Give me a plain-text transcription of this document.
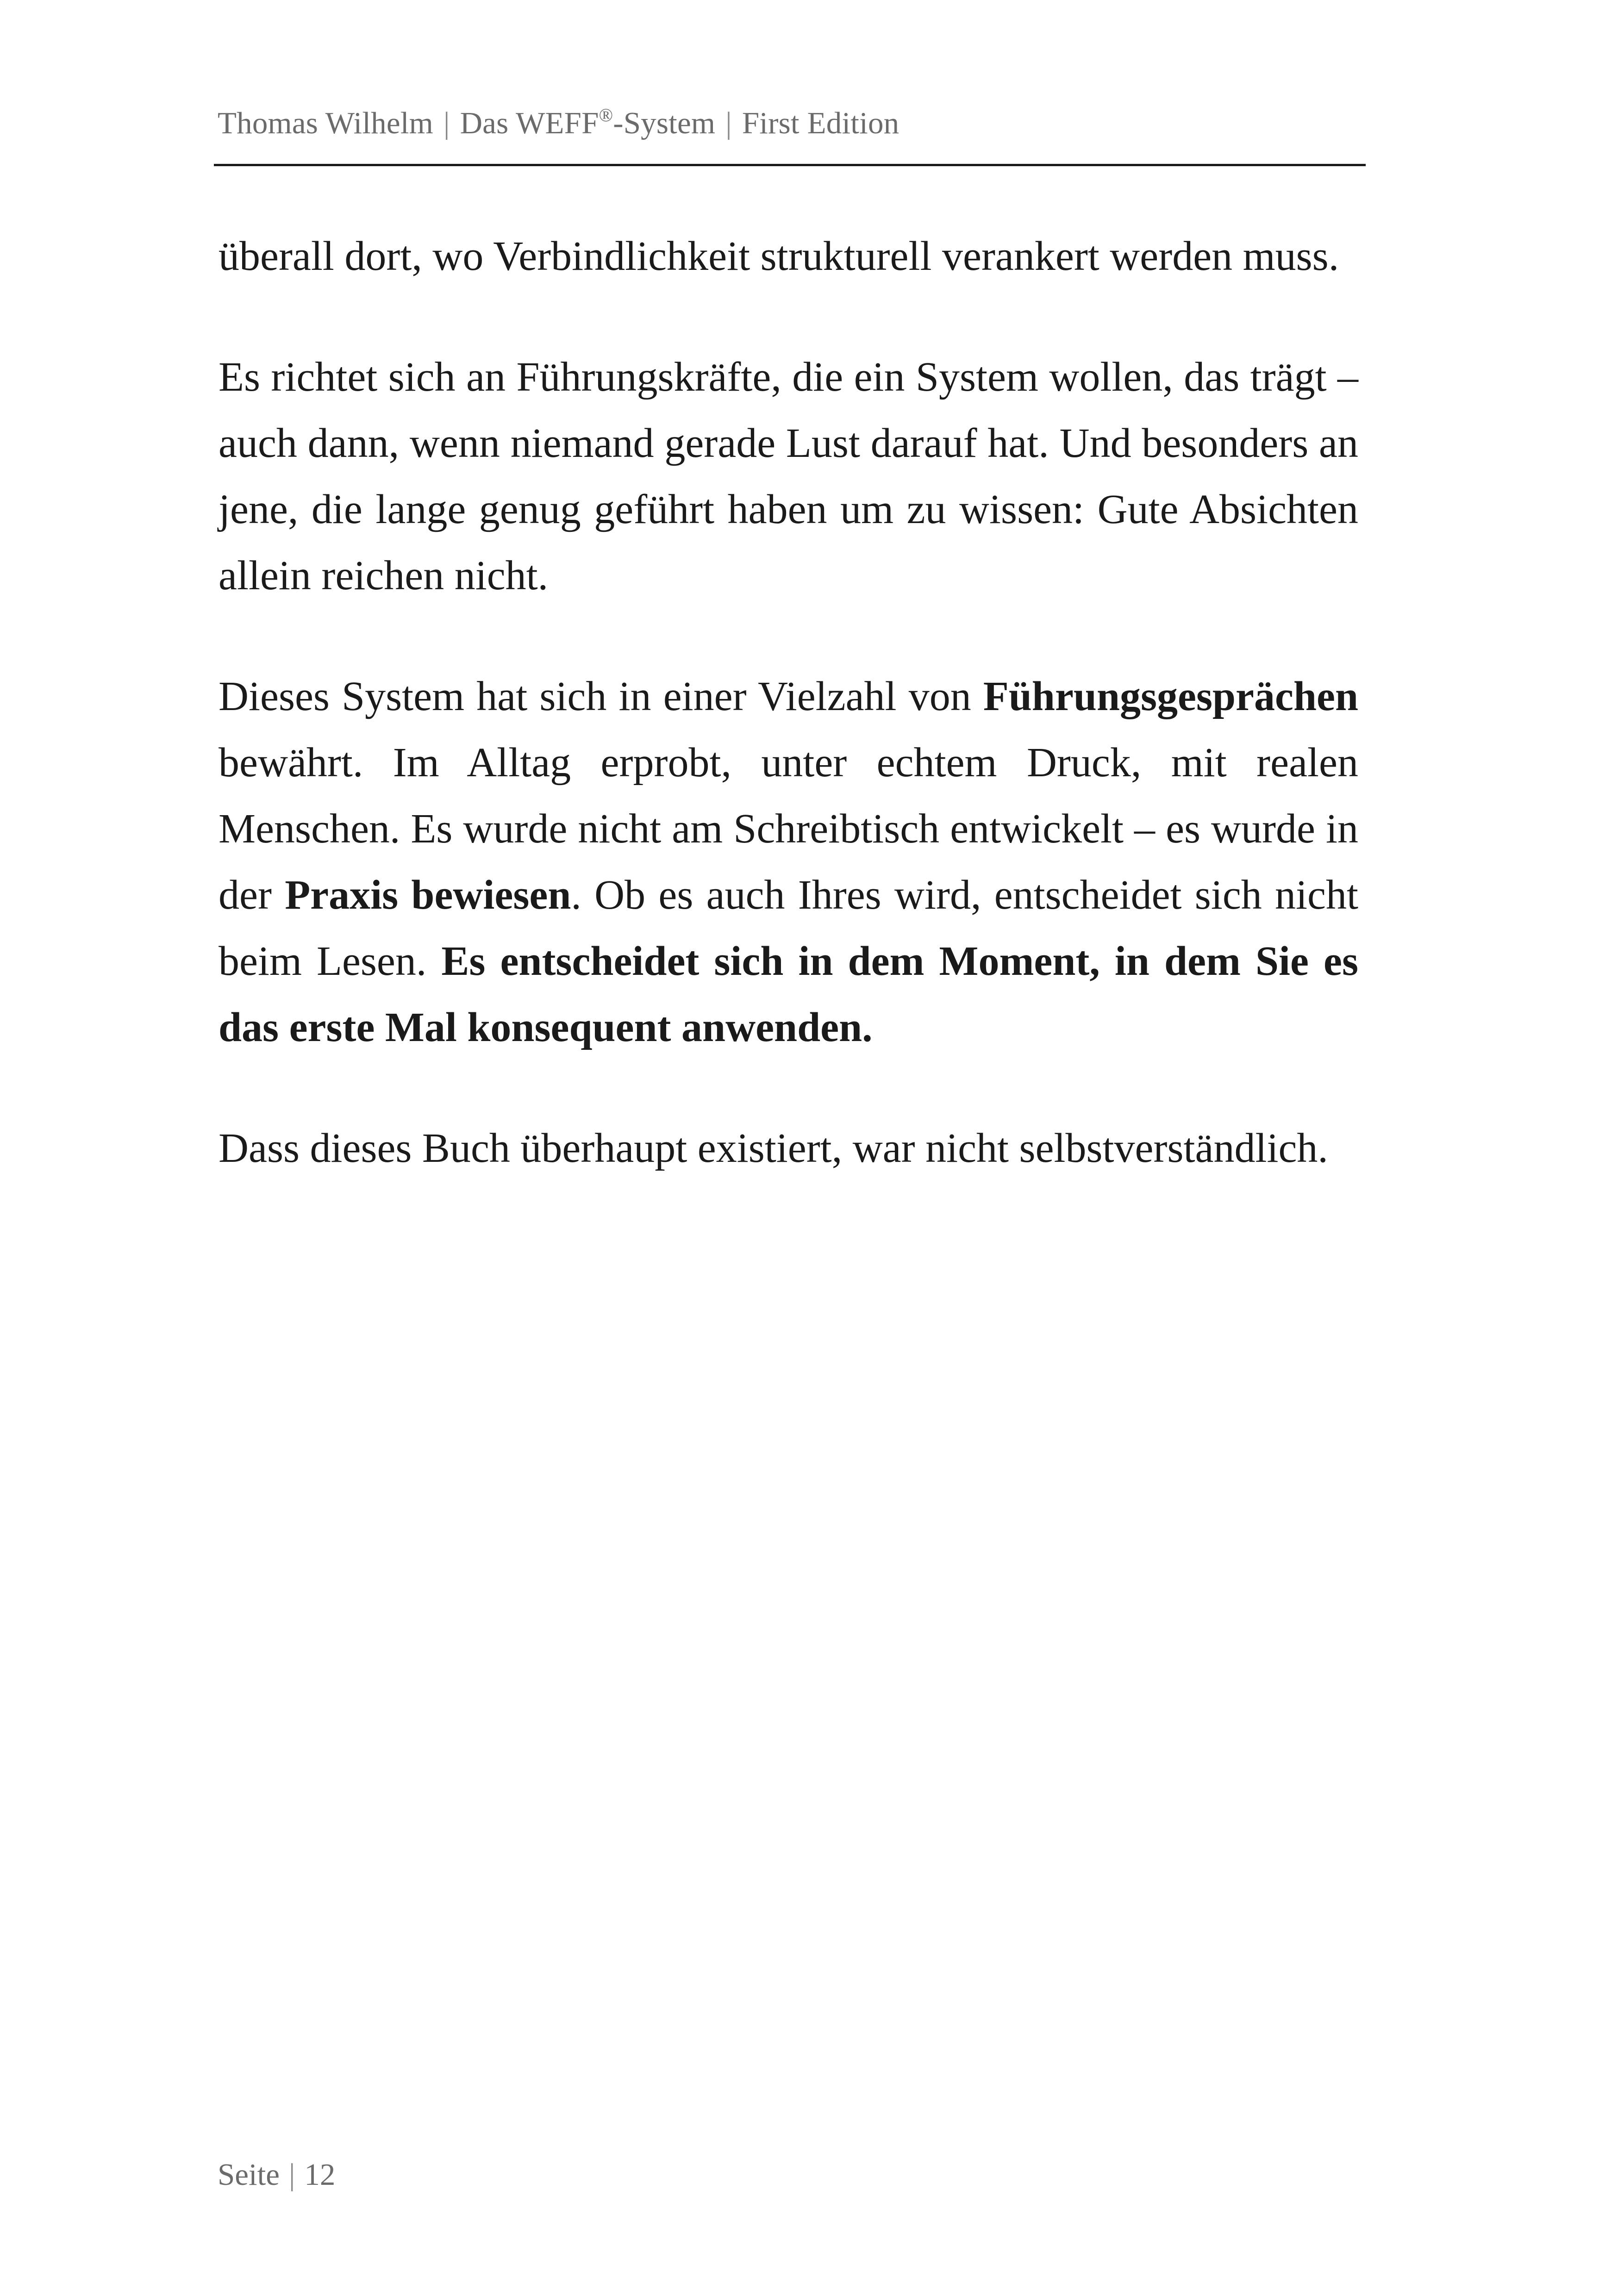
Thomas Wilhelm | Das WEFF®-System | First Edition

überall dort, wo Verbindlichkeit strukturell verankert werden muss.

Es richtet sich an Führungskräfte, die ein System wollen, das trägt – auch dann, wenn niemand gerade Lust darauf hat. Und besonders an jene, die lange genug geführt haben um zu wissen: Gute Absichten allein reichen nicht.

Dieses System hat sich in einer Vielzahl von Führungsgesprächen bewährt. Im Alltag erprobt, unter echtem Druck, mit realen Menschen. Es wurde nicht am Schreibtisch entwickelt – es wurde in der Praxis bewiesen. Ob es auch Ihres wird, entscheidet sich nicht beim Lesen. Es entscheidet sich in dem Moment, in dem Sie es das erste Mal konsequent anwenden.

Dass dieses Buch überhaupt existiert, war nicht selbstverständlich.

Seite | 12
